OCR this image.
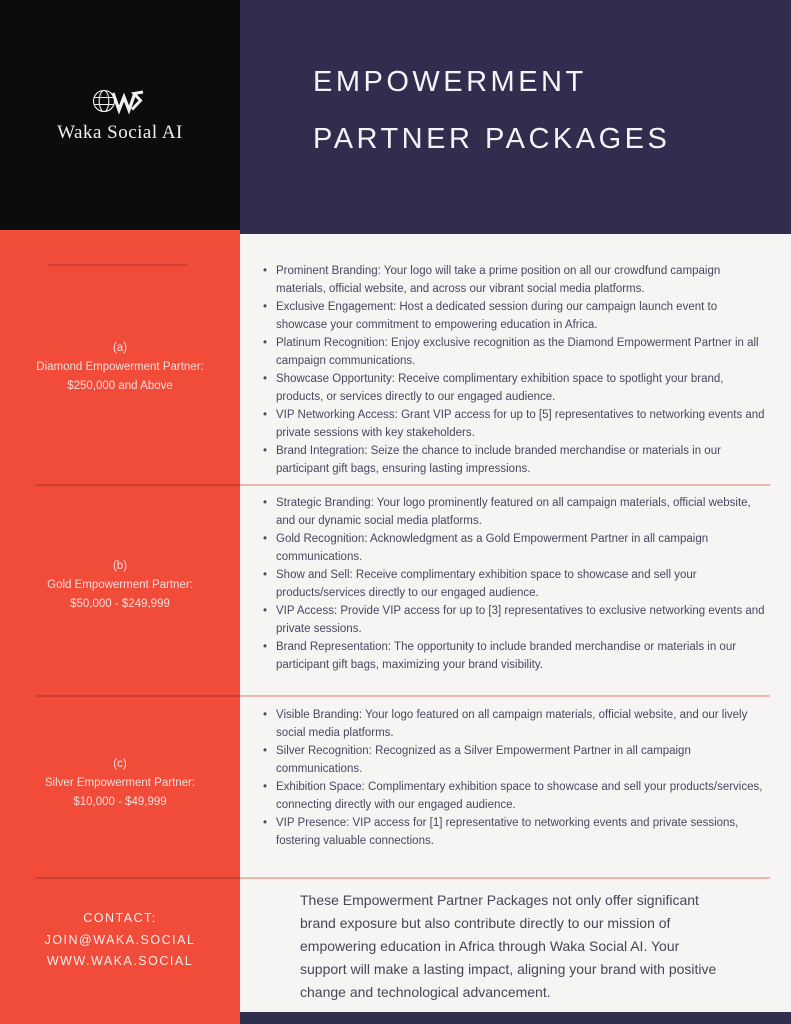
Waka Social AI
EMPOWERMENT
PARTNER PACKAGES
(a)
Diamond Empowerment Partner:
$250,000 and Above
(b)
Gold Empowerment Partner:
$50,000 - $249,999
(c)
Silver Empowerment Partner:
$10,000 - $49,999
CONTACT:
JOIN@WAKA.SOCIAL
WWW.WAKA.SOCIAL
• Prominent Branding: Your logo will take a prime position on all our crowdfund campaign materials, official website, and across our vibrant social media platforms.
• Exclusive Engagement: Host a dedicated session during our campaign launch event to showcase your commitment to empowering education in Africa.
• Platinum Recognition: Enjoy exclusive recognition as the Diamond Empowerment Partner in all campaign communications.
• Showcase Opportunity: Receive complimentary exhibition space to spotlight your brand, products, or services directly to our engaged audience.
• VIP Networking Access: Grant VIP access for up to [5] representatives to networking events and private sessions with key stakeholders.
• Brand Integration: Seize the chance to include branded merchandise or materials in our participant gift bags, ensuring lasting impressions.
• Strategic Branding: Your logo prominently featured on all campaign materials, official website, and our dynamic social media platforms.
• Gold Recognition: Acknowledgment as a Gold Empowerment Partner in all campaign communications.
• Show and Sell: Receive complimentary exhibition space to showcase and sell your products/services directly to our engaged audience.
• VIP Access: Provide VIP access for up to [3] representatives to exclusive networking events and private sessions.
• Brand Representation: The opportunity to include branded merchandise or materials in our participant gift bags, maximizing your brand visibility.
• Visible Branding: Your logo featured on all campaign materials, official website, and our lively social media platforms.
• Silver Recognition: Recognized as a Silver Empowerment Partner in all campaign communications.
• Exhibition Space: Complimentary exhibition space to showcase and sell your products/services, connecting directly with our engaged audience.
• VIP Presence: VIP access for [1] representative to networking events and private sessions, fostering valuable connections.
These Empowerment Partner Packages not only offer significant brand exposure but also contribute directly to our mission of empowering education in Africa through Waka Social AI. Your support will make a lasting impact, aligning your brand with positive change and technological advancement.
